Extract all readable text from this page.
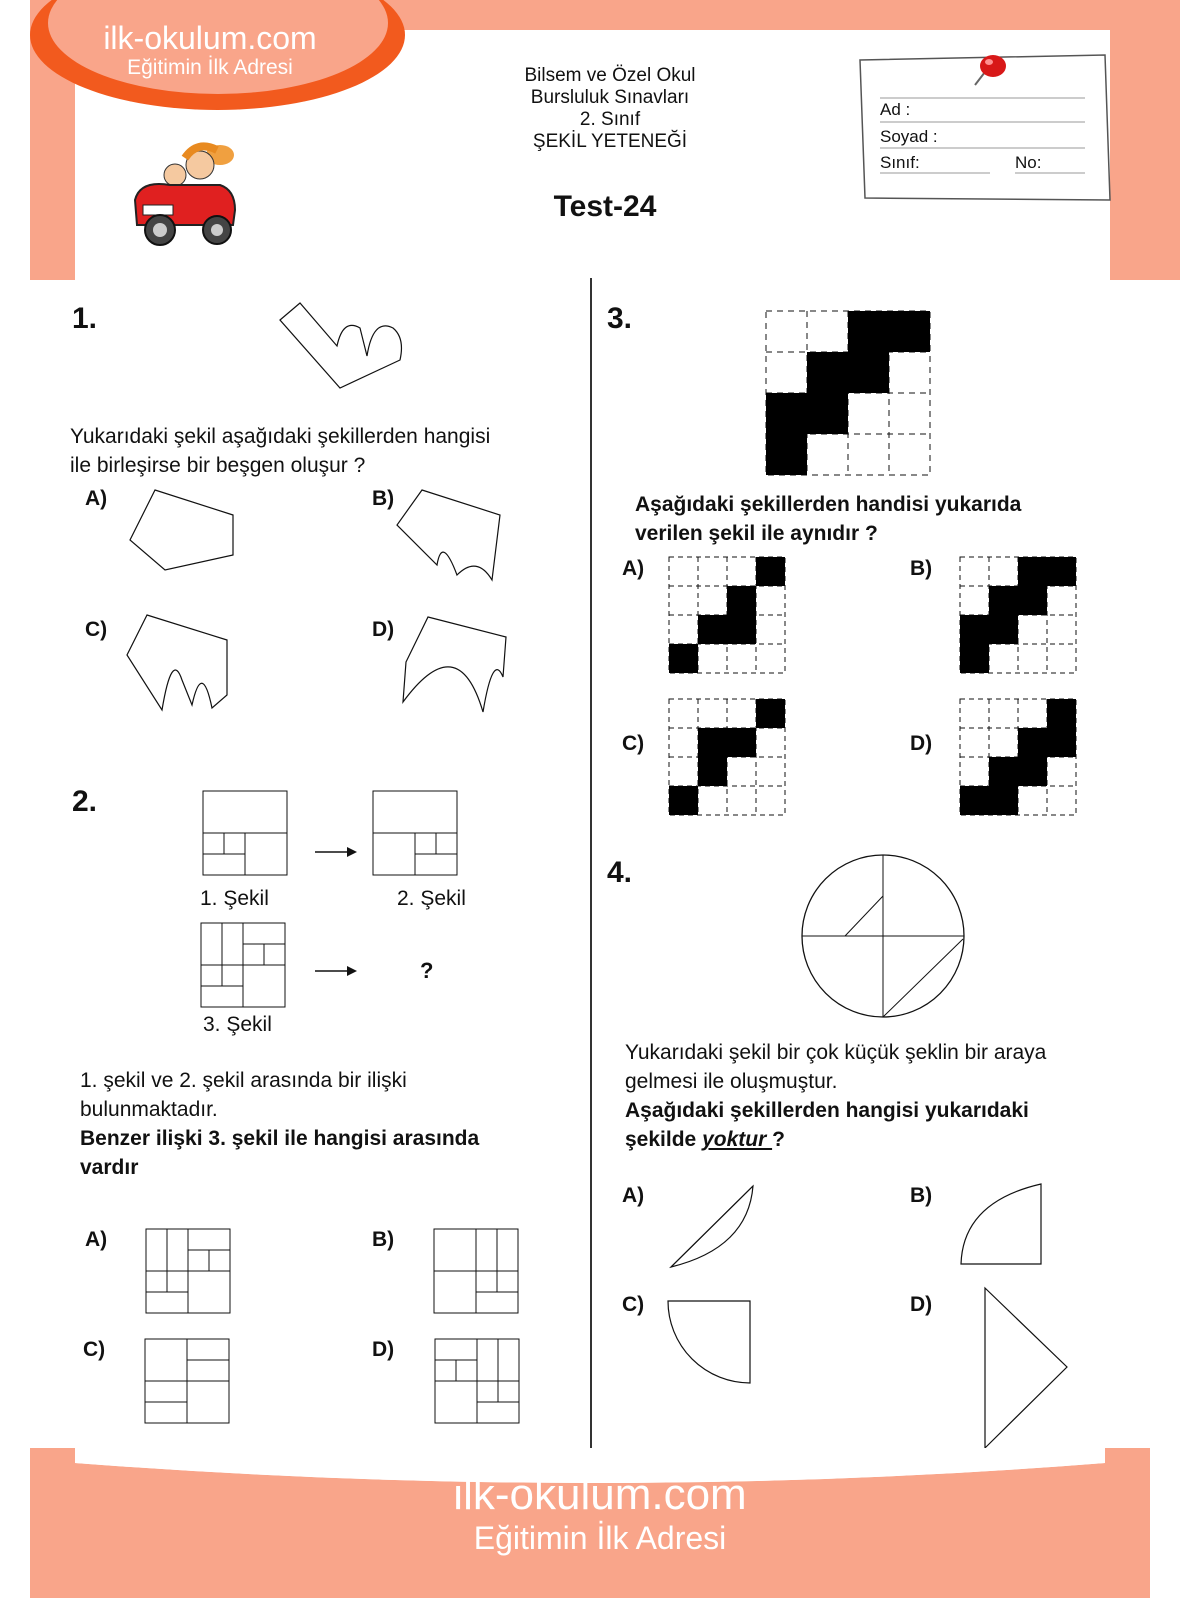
ilk-okulum.com
Eğitimin İlk Adresi	Bilsem ve Özel Okul
Bursluluk Sınavları
2. Sınıf
ŞEKİL YETENEĞİ
Test-24
Ad :
Soyad :
Sınıf:	No:
1.
Yukarıdaki şekil aşağıdaki şekillerden hangisi
ile birleşirse bir beşgen oluşur ?
A)	B)
C)	D)
2.
1. Şekil	2. Şekil
?
3. Şekil
1. şekil ve 2. şekil arasında bir ilişki
bulunmaktadır.
Benzer ilişki 3. şekil ile hangisi arasında
vardır
A)	B)
C)	D)
3.
Aşağıdaki şekillerden handisi yukarıda
verilen şekil ile aynıdır ?
A)	B)
C)	D)
4.
Yukarıdaki şekil bir çok küçük şeklin bir araya
gelmesi ile oluşmuştur.
Aşağıdaki şekillerden hangisi yukarıdaki
şekilde yoktur ?
A)	B)
C)	D)
ilk-okulum.com
Eğitimin İlk Adresi
